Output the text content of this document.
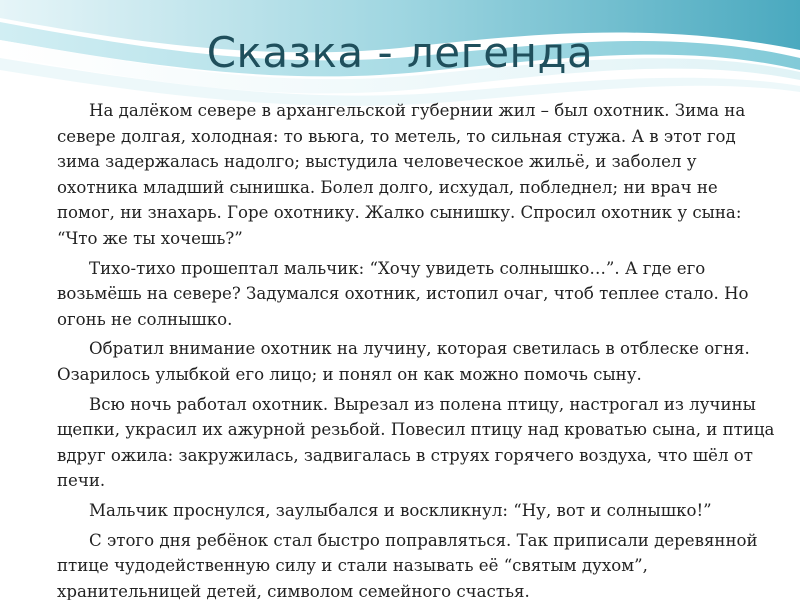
Сказка - легенда

На далёком севере в архангельской губернии жил – был охотник. Зима на севере долгая, холодная: то вьюга, то метель, то сильная стужа. А в этот год зима задержалась надолго; выстудила человеческое жильё, и заболел у охотника младший сынишка. Болел долго, исхудал, побледнел; ни врач не помог, ни знахарь. Горе охотнику. Жалко сынишку. Спросил охотник у сына: “Что же ты хочешь?”

Тихо-тихо прошептал мальчик: “Хочу увидеть солнышко…”. А где его возьмёшь на севере? Задумался охотник, истопил очаг, чтоб теплее стало. Но огонь не солнышко.

Обратил внимание охотник на лучину, которая светилась в отблеске огня. Озарилось улыбкой его лицо; и понял он как можно помочь сыну.

Всю ночь работал охотник. Вырезал из полена птицу, настрогал из лучины щепки, украсил их ажурной резьбой. Повесил птицу над кроватью сына, и птица вдруг ожила: закружилась, задвигалась в струях горячего воздуха, что шёл от печи.

Мальчик проснулся, заулыбался и воскликнул: “Ну, вот и солнышко!”

С этого дня ребёнок стал быстро поправляться. Так приписали деревянной птице чудодейственную силу и стали называть её “святым духом”, хранительницей детей, символом семейного счастья.
